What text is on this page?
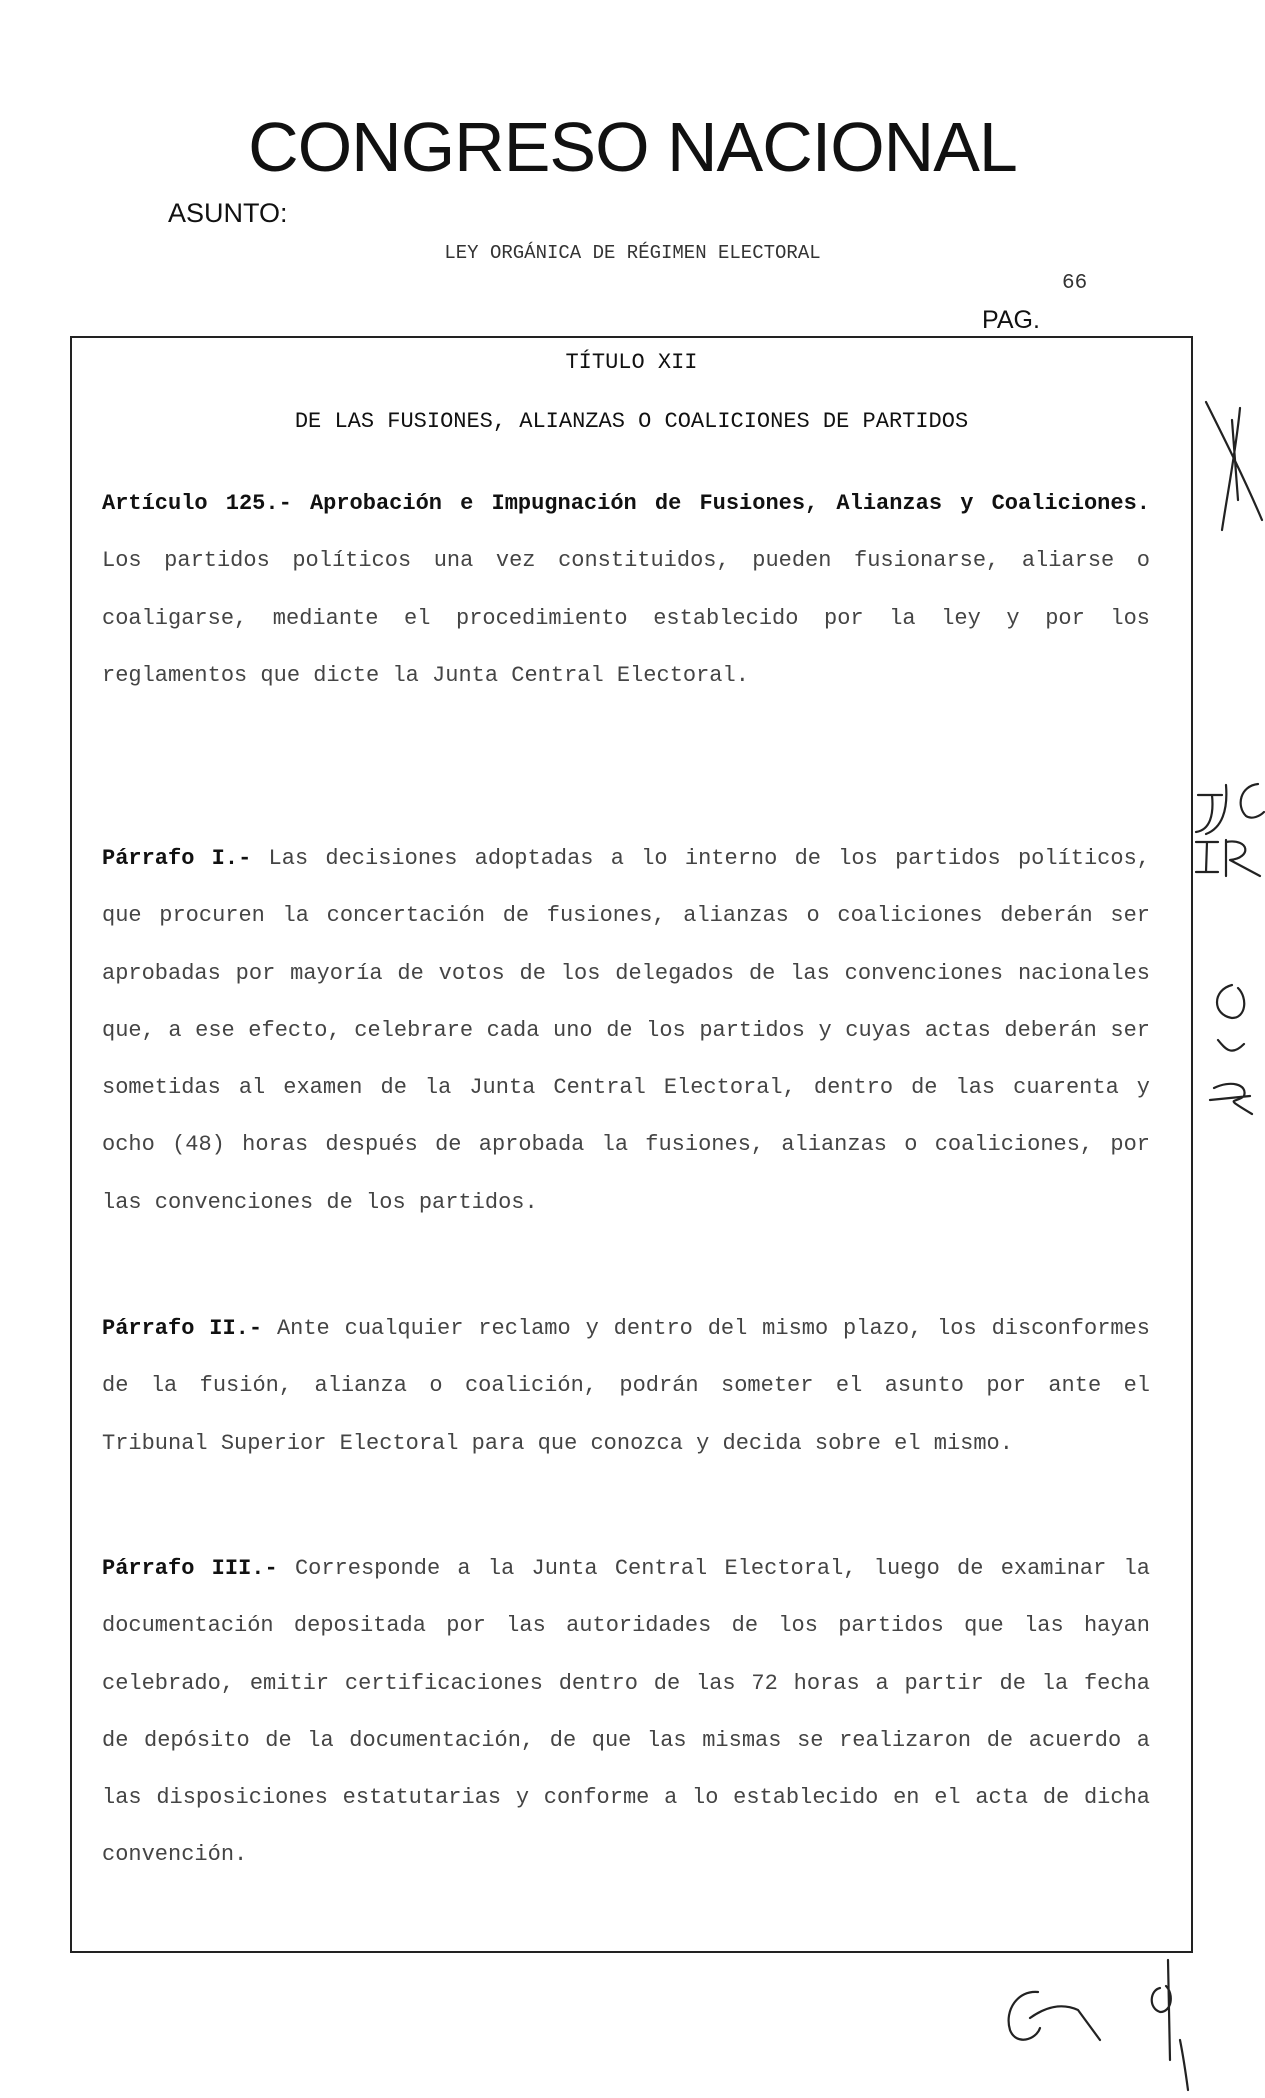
CONGRESO NACIONAL
ASUNTO:
LEY ORGÁNICA DE RÉGIMEN ELECTORAL
66
PAG.
TÍTULO XII
DE LAS FUSIONES, ALIANZAS O COALICIONES DE PARTIDOS

Artículo 125.- Aprobación e Impugnación de Fusiones, Alianzas y Coaliciones. Los partidos políticos una vez constituidos, pueden fusionarse, aliarse o coaligarse, mediante el procedimiento establecido por la ley y por los reglamentos que dicte la Junta Central Electoral.

Párrafo I.- Las decisiones adoptadas a lo interno de los partidos políticos, que procuren la concertación de fusiones, alianzas o coaliciones deberán ser aprobadas por mayoría de votos de los delegados de las convenciones nacionales que, a ese efecto, celebrare cada uno de los partidos y cuyas actas deberán ser sometidas al examen de la Junta Central Electoral, dentro de las cuarenta y ocho (48) horas después de aprobada la fusiones, alianzas o coaliciones, por las convenciones de los partidos.

Párrafo II.- Ante cualquier reclamo y dentro del mismo plazo, los disconformes de la fusión, alianza o coalición, podrán someter el asunto por ante el Tribunal Superior Electoral para que conozca y decida sobre el mismo.

Párrafo III.- Corresponde a la Junta Central Electoral, luego de examinar la documentación depositada por las autoridades de los partidos que las hayan celebrado, emitir certificaciones dentro de las 72 horas a partir de la fecha de depósito de la documentación, de que las mismas se realizaron de acuerdo a las disposiciones estatutarias y conforme a lo establecido en el acta de dicha convención.
